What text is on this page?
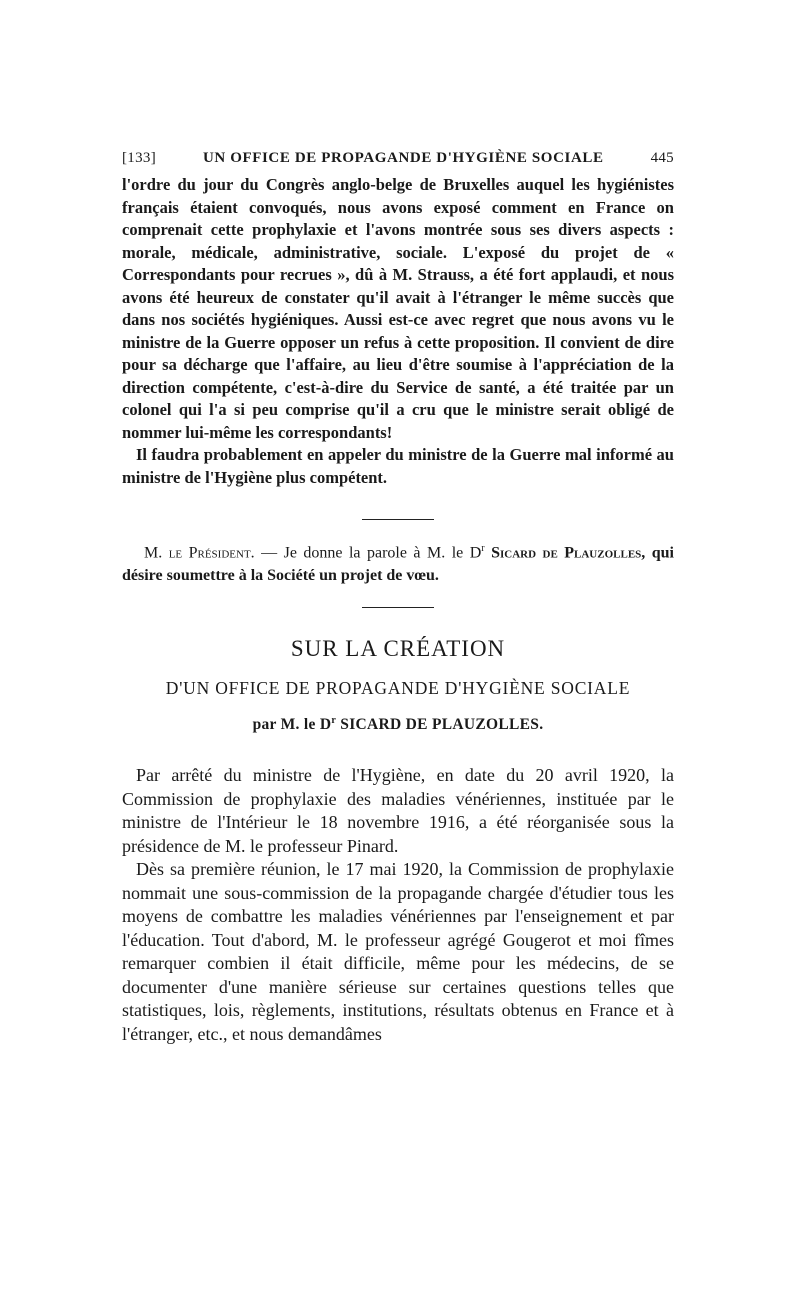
[133]	UN OFFICE DE PROPAGANDE D'HYGIÈNE SOCIALE	445

l'ordre du jour du Congrès anglo-belge de Bruxelles auquel les hygiénistes français étaient convoqués, nous avons exposé comment en France on comprenait cette prophylaxie et l'avons montrée sous ses divers aspects : morale, médicale, administrative, sociale. L'exposé du projet de « Correspondants pour recrues », dû à M. Strauss, a été fort applaudi, et nous avons été heureux de constater qu'il avait à l'étranger le même succès que dans nos sociétés hygiéniques. Aussi est-ce avec regret que nous avons vu le ministre de la Guerre opposer un refus à cette proposition. Il convient de dire pour sa décharge que l'affaire, au lieu d'être soumise à l'appréciation de la direction compétente, c'est-à-dire du Service de santé, a été traitée par un colonel qui l'a si peu comprise qu'il a cru que le ministre serait obligé de nommer lui-même les correspondants!

Il faudra probablement en appeler du ministre de la Guerre mal informé au ministre de l'Hygiène plus compétent.

M. le Président. — Je donne la parole à M. le $D^r$ Sicard de Plauzolles, qui désire soumettre à la Société un projet de vœu.

SUR LA CRÉATION
D'UN OFFICE DE PROPAGANDE D'HYGIÈNE SOCIALE
par M. le $D^r$ SICARD DE PLAUZOLLES.

Par arrêté du ministre de l'Hygiène, en date du 20 avril 1920, la Commission de prophylaxie des maladies vénériennes, instituée par le ministre de l'Intérieur le 18 novembre 1916, a été réorganisée sous la présidence de M. le professeur Pinard.

Dès sa première réunion, le 17 mai 1920, la Commission de prophylaxie nommait une sous-commission de la propagande chargée d'étudier tous les moyens de combattre les maladies vénériennes par l'enseignement et par l'éducation. Tout d'abord, M. le professeur agrégé Gougerot et moi fîmes remarquer combien il était difficile, même pour les médecins, de se documenter d'une manière sérieuse sur certaines questions telles que statistiques, lois, règlements, institutions, résultats obtenus en France et à l'étranger, etc., et nous demandâmes
